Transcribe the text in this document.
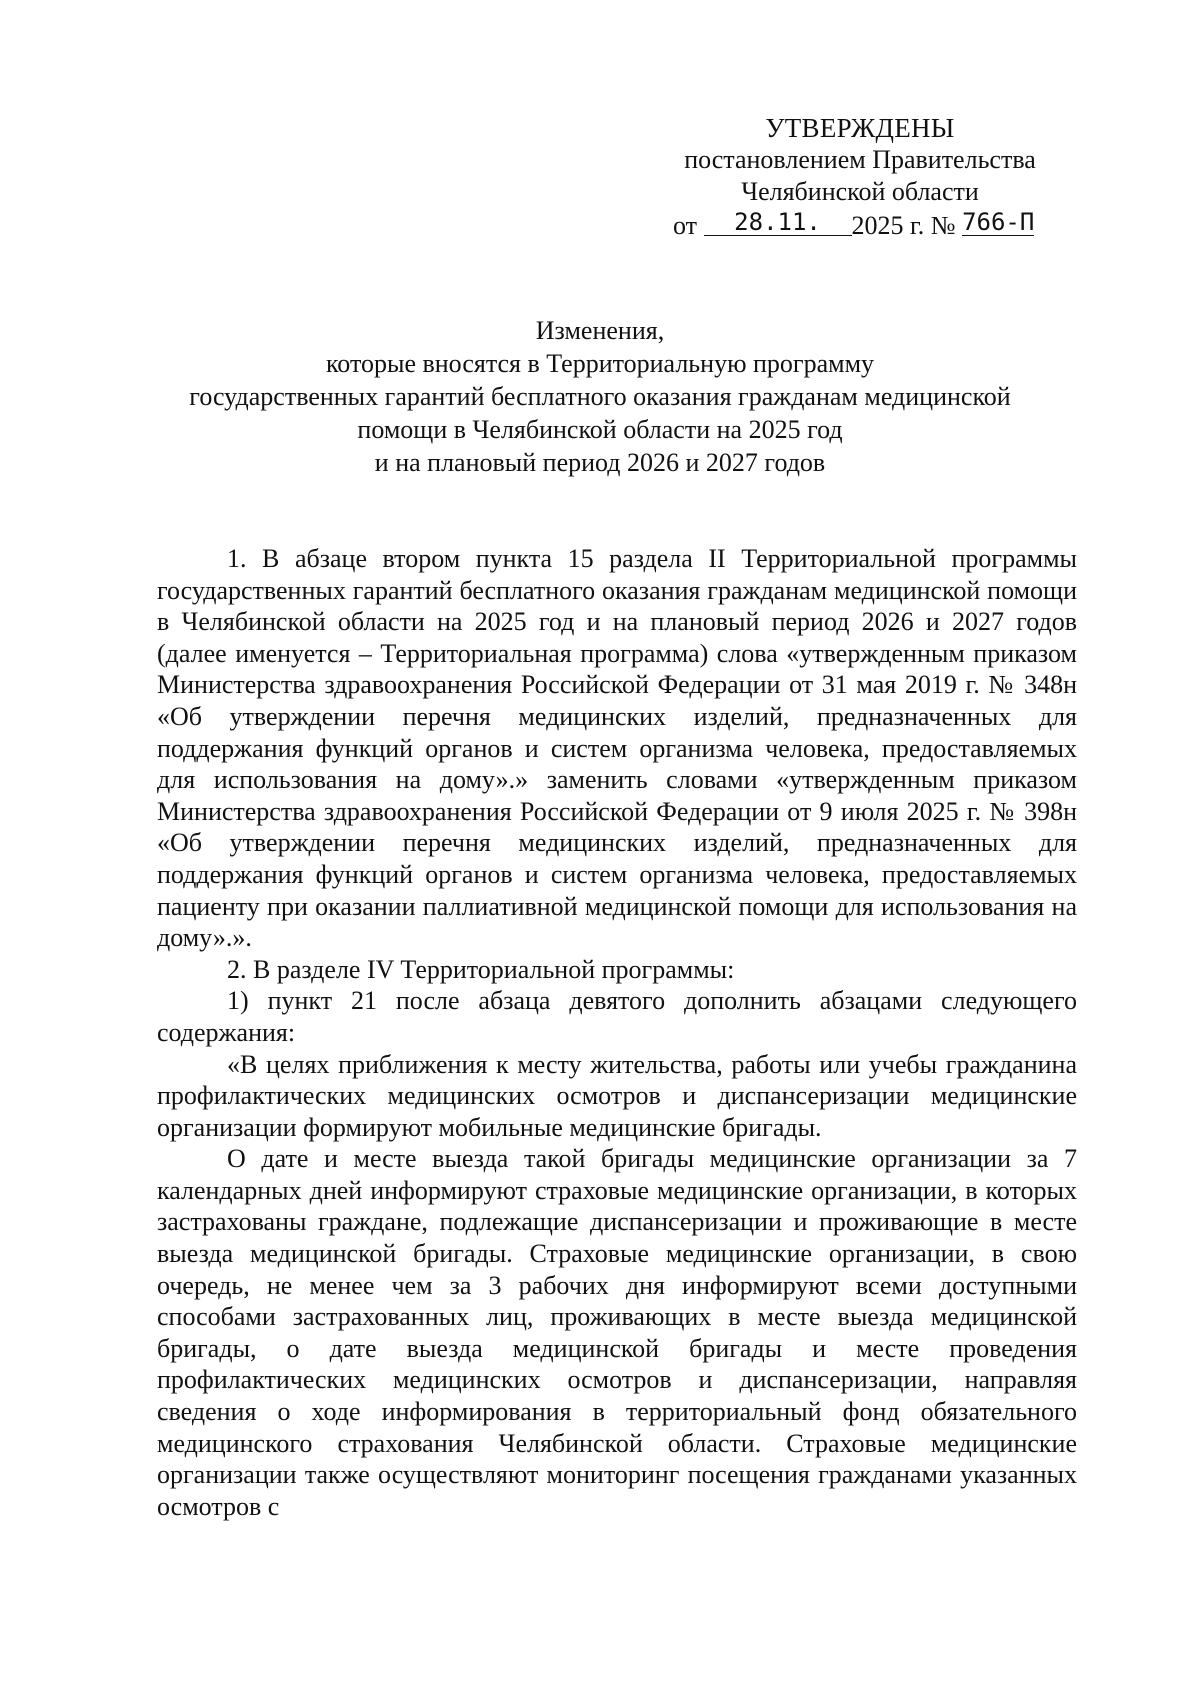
УТВЕРЖДЕНЫ
постановлением Правительства
Челябинской области
от 28.11. 2025 г. № 766-П
Изменения,
которые вносятся в Территориальную программу
государственных гарантий бесплатного оказания гражданам медицинской
помощи в Челябинской области на 2025 год
и на плановый период 2026 и 2027 годов

1. В абзаце втором пункта 15 раздела II Территориальной программы государственных гарантий бесплатного оказания гражданам медицинской помощи в Челябинской области на 2025 год и на плановый период 2026 и 2027 годов (далее именуется – Территориальная программа) слова «утвержденным приказом Министерства здравоохранения Российской Федерации от 31 мая 2019 г. № 348н «Об утверждении перечня медицинских изделий, предназначенных для поддержания функций органов и систем организма человека, предоставляемых для использования на дому».» заменить словами «утвержденным приказом Министерства здравоохранения Российской Федерации от 9 июля 2025 г. № 398н «Об утверждении перечня медицинских изделий, предназначенных для поддержания функций органов и систем организма человека, предоставляемых пациенту при оказании паллиативной медицинской помощи для использования на дому».».

2. В разделе IV Территориальной программы:

1) пункт 21 после абзаца девятого дополнить абзацами следующего содержания:

«В целях приближения к месту жительства, работы или учебы гражданина профилактических медицинских осмотров и диспансеризации медицинские организации формируют мобильные медицинские бригады.

О дате и месте выезда такой бригады медицинские организации за 7 календарных дней информируют страховые медицинские организации, в которых застрахованы граждане, подлежащие диспансеризации и проживающие в месте выезда медицинской бригады. Страховые медицинские организации, в свою очередь, не менее чем за 3 рабочих дня информируют всеми доступными способами застрахованных лиц, проживающих в месте выезда медицинской бригады, о дате выезда медицинской бригады и месте проведения профилактических медицинских осмотров и диспансеризации, направляя сведения о ходе информирования в территориальный фонд обязательного медицинского страхования Челябинской области. Страховые медицинские организации также осуществляют мониторинг посещения гражданами указанных осмотров с
